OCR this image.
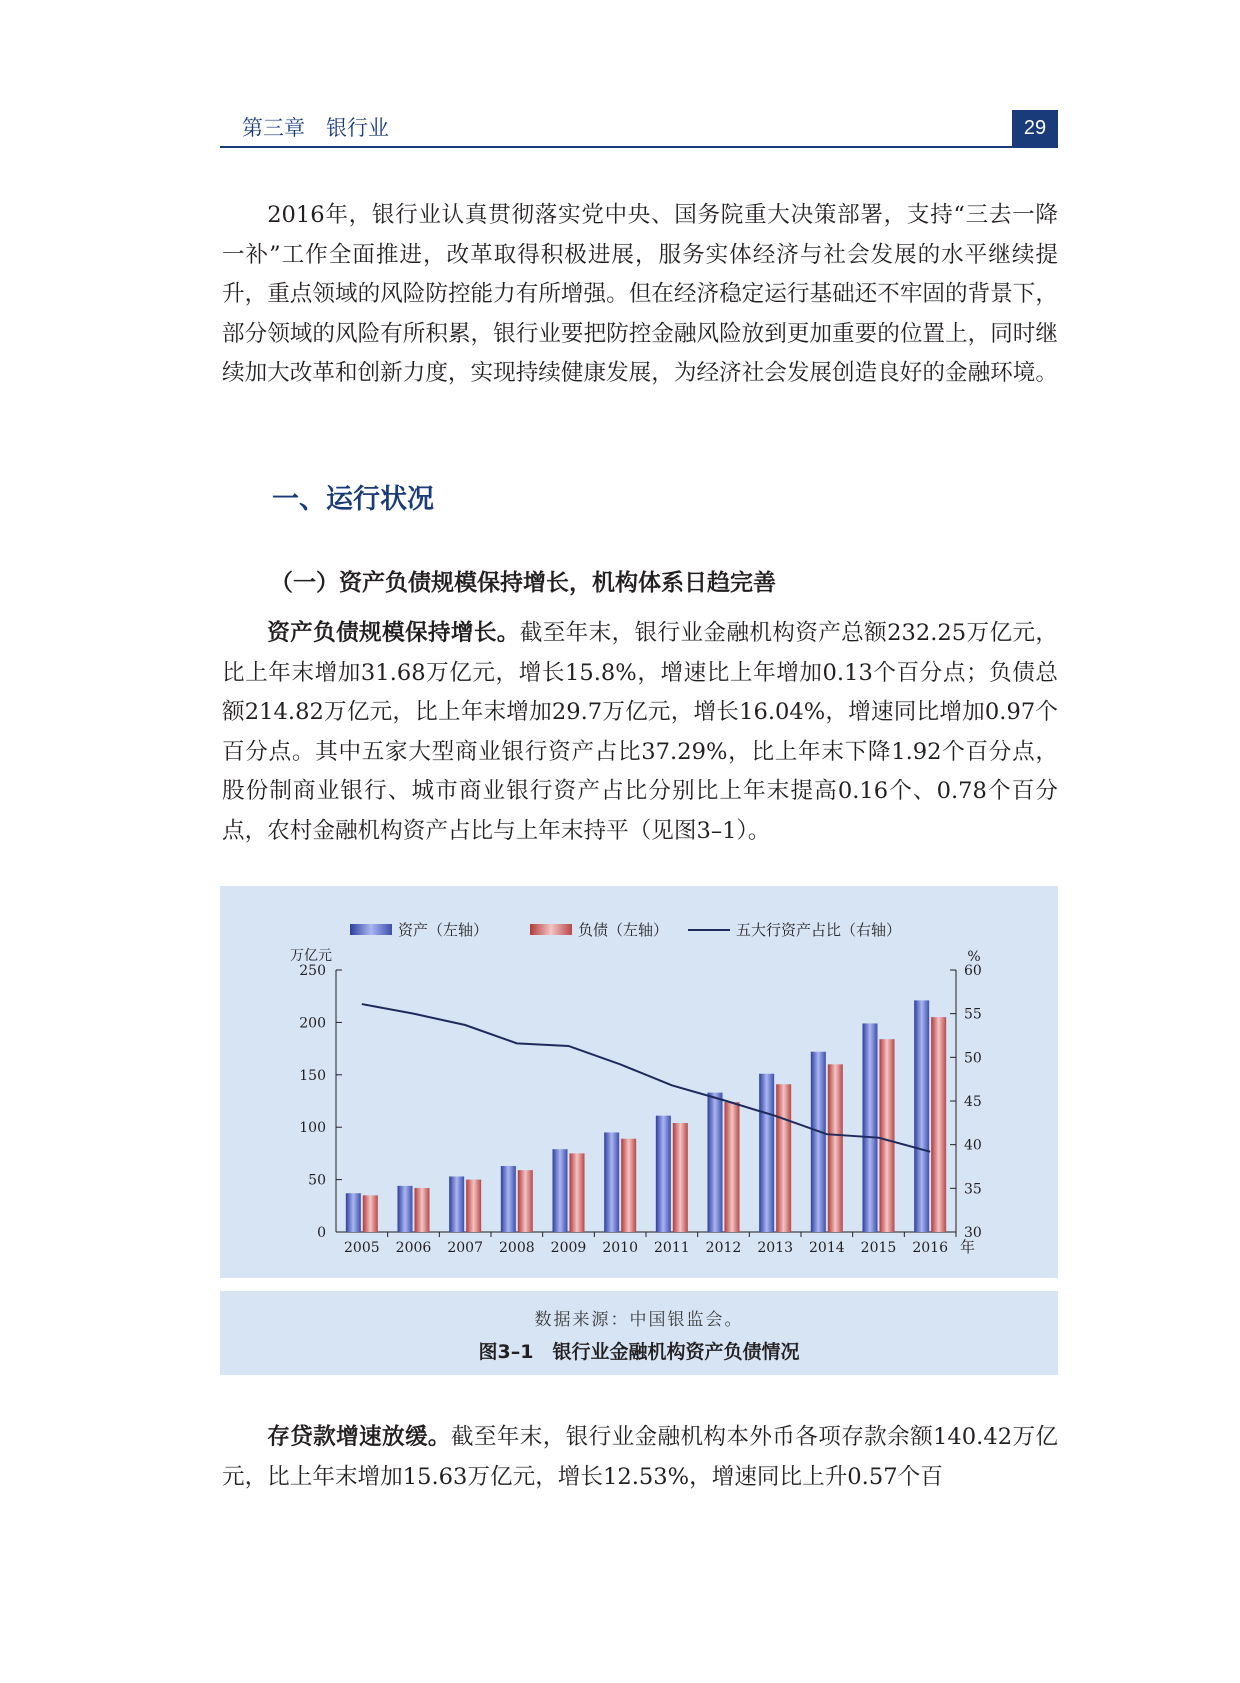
第三章　银行业	29

2016年，银行业认真贯彻落实党中央、国务院重大决策部署，支持“三去一降一补”工作全面推进，改革取得积极进展，服务实体经济与社会发展的水平继续提升，重点领域的风险防控能力有所增强。但在经济稳定运行基础还不牢固的背景下，部分领域的风险有所积累，银行业要把防控金融风险放到更加重要的位置上，同时继续加大改革和创新力度，实现持续健康发展，为经济社会发展创造良好的金融环境。

一、运行状况
（一）资产负债规模保持增长，机构体系日趋完善

资产负债规模保持增长。截至年末，银行业金融机构资产总额232.25万亿元，比上年末增加31.68万亿元，增长15.8%，增速比上年增加0.13个百分点；负债总额214.82万亿元，比上年末增加29.7万亿元，增长16.04%，增速同比增加0.97个百分点。其中五家大型商业银行资产占比37.29%，比上年末下降1.92个百分点，股份制商业银行、城市商业银行资产占比分别比上年末提高0.16个、0.78个百分点，农村金融机构资产占比与上年末持平（见图3–1）。

资产（左轴）	负债（左轴）	五大行资产占比（右轴）
万亿元	%
0
50
100
150
200
250
30
35
40
45
50
55
60
2005 2006 2007 2008 2009 2010 2011 2012 2013 2014 2015 2016 年
数据来源：中国银监会。
图3–1　银行业金融机构资产负债情况

存贷款增速放缓。截至年末，银行业金融机构本外币各项存款余额140.42万亿元，比上年末增加15.63万亿元，增长12.53%，增速同比上升0.57个百
